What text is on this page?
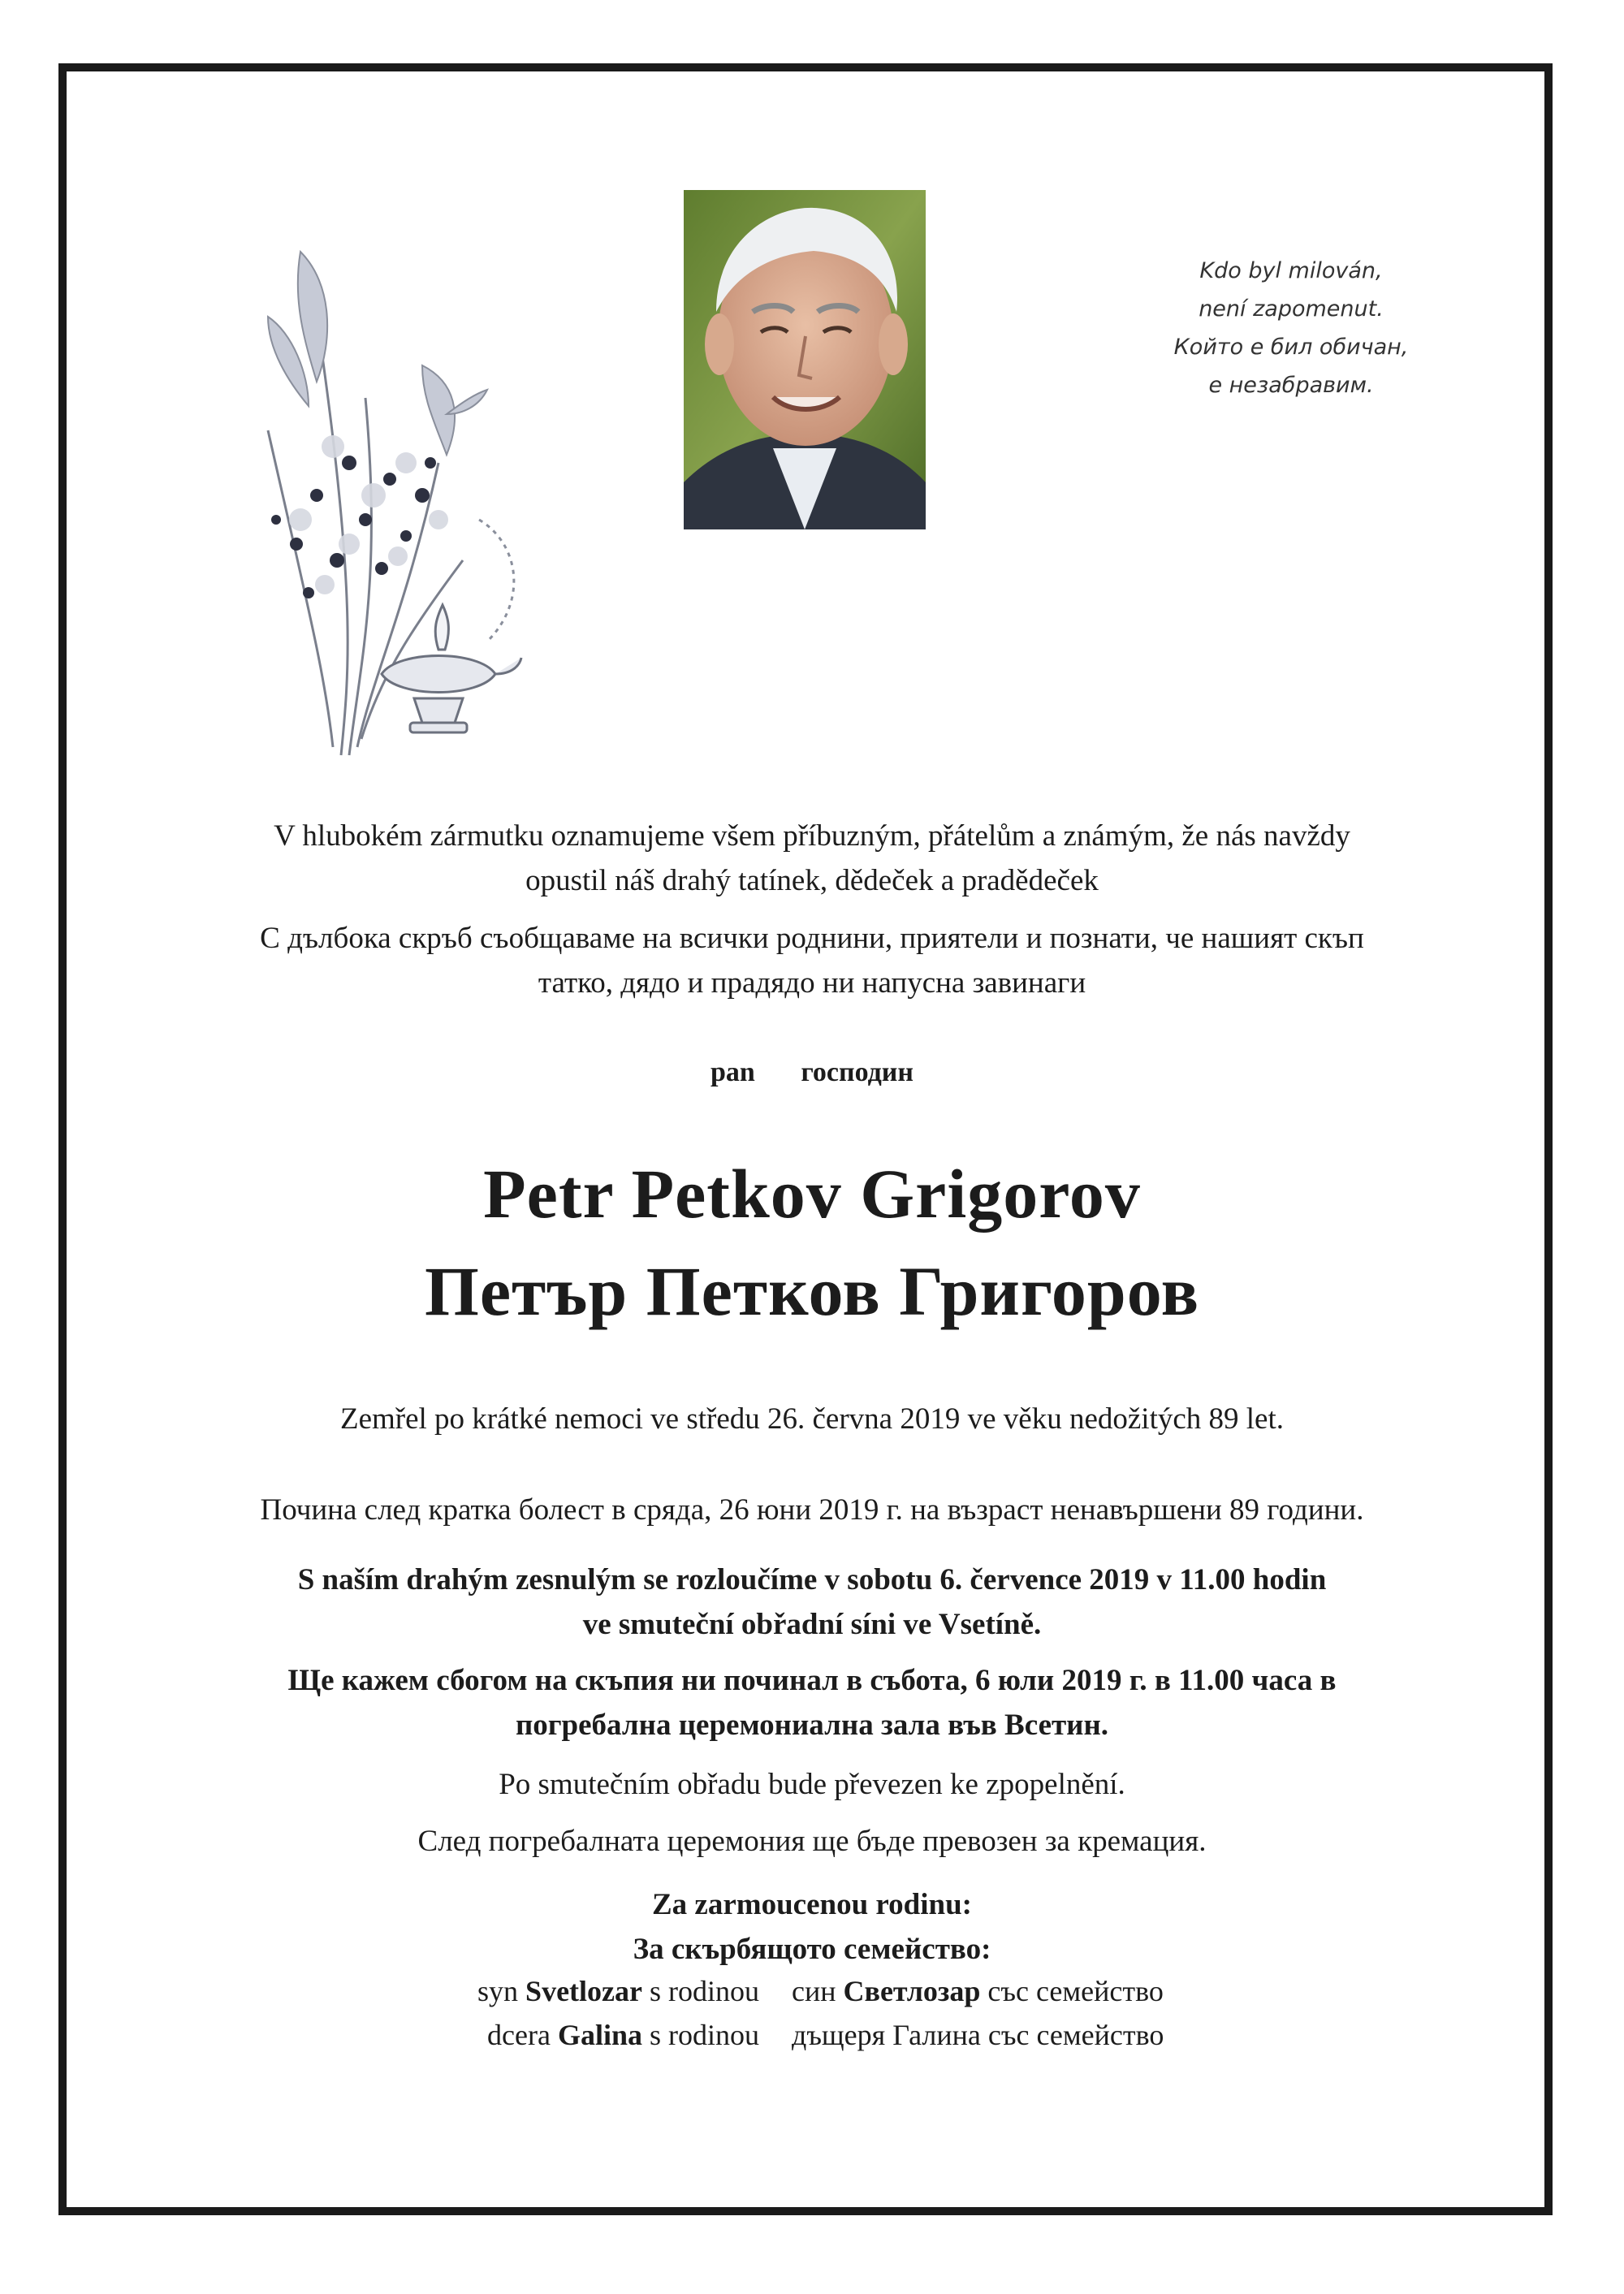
Kdo byl milován,
není zapomenut.
Който е бил обичан,
е незабравим.
V hlubokém zármutku oznamujeme všem příbuzným, přátelům a známým, že nás navždy
opustil náš drahý tatínek, dědeček a pradědeček
С дълбока скръб съобщаваме на всички роднини, приятели и познати, че нашият скъп
татко, дядо и прадядо ни напусна завинаги
pan господин
Petr Petkov Grigorov
Петър Петков Григоров
Zemřel po krátké nemoci ve středu 26. června 2019 ve věku nedožitých 89 let.
Почина след кратка болест в сряда, 26 юни 2019 г. на възраст ненавършени 89 години.
S naším drahým zesnulým se rozloučíme v sobotu 6. července 2019 v 11.00 hodin
ve smuteční obřadní síni ve Vsetíně.
Ще кажем сбогом на скъпия ни починал в събота, 6 юли 2019 г. в 11.00 часа в
погребална церемониална зала във Всетин.
Po smutečním obřadu bude převezen ke zpopelnění.
След погребалната церемония ще бъде превозен за кремация.
Za zarmoucenou rodinu:
За скърбящото семейство:
syn Svetlozar s rodinou	син Светлозар със семейство
dcera Galina s rodinou	дъщеря Галина със семейство
